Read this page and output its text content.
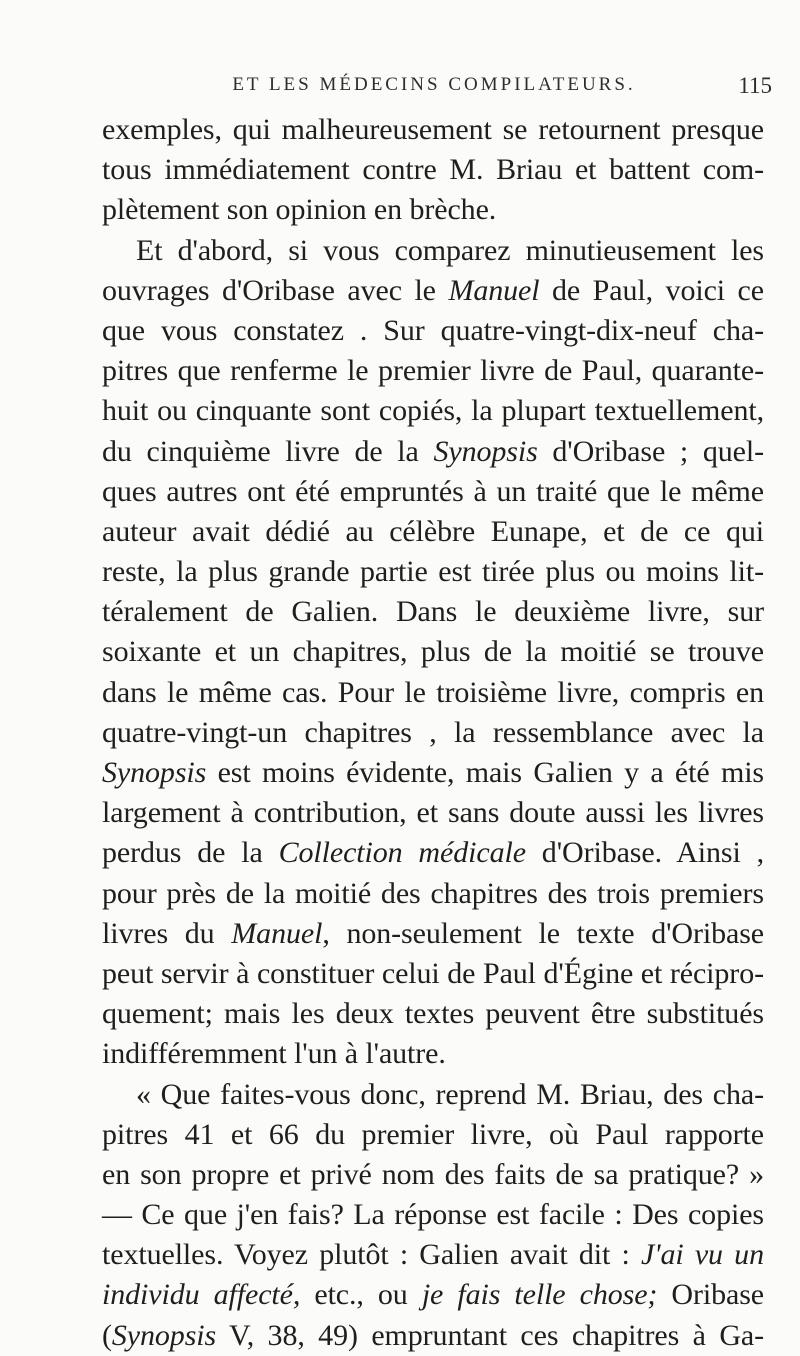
ET LES MÉDECINS COMPILATEURS.	115
exemples, qui malheureusement se retournent presque
tous immédiatement contre M. Briau et battent com-
plètement son opinion en brèche.
Et d'abord, si vous comparez minutieusement les
ouvrages d'Oribase avec le Manuel de Paul, voici ce
que vous constatez . Sur quatre-vingt-dix-neuf cha-
pitres que renferme le premier livre de Paul, quarante-
huit ou cinquante sont copiés, la plupart textuellement,
du cinquième livre de la Synopsis d'Oribase ; quel-
ques autres ont été empruntés à un traité que le même
auteur avait dédié au célèbre Eunape, et de ce qui
reste, la plus grande partie est tirée plus ou moins lit-
téralement de Galien. Dans le deuxième livre, sur
soixante et un chapitres, plus de la moitié se trouve
dans le même cas. Pour le troisième livre, compris en
quatre-vingt-un chapitres , la ressemblance avec la
Synopsis est moins évidente, mais Galien y a été mis
largement à contribution, et sans doute aussi les livres
perdus de la Collection médicale d'Oribase. Ainsi ,
pour près de la moitié des chapitres des trois premiers
livres du Manuel, non-seulement le texte d'Oribase
peut servir à constituer celui de Paul d'Égine et récipro-
quement; mais les deux textes peuvent être substitués
indifféremment l'un à l'autre.
« Que faites-vous donc, reprend M. Briau, des cha-
pitres 41 et 66 du premier livre, où Paul rapporte
en son propre et privé nom des faits de sa pratique? »
— Ce que j'en fais? La réponse est facile : Des copies
textuelles. Voyez plutôt : Galien avait dit : J'ai vu un
individu affecté, etc., ou je fais telle chose; Oribase
(Synopsis V, 38, 49) empruntant ces chapitres à Ga-
